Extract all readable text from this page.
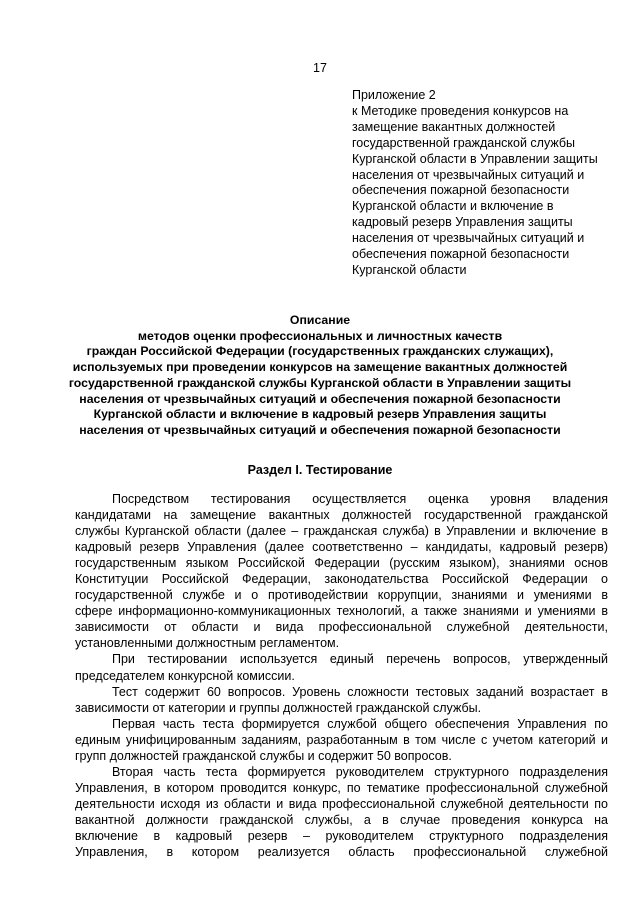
17
Приложение 2
к Методике проведения конкурсов на
замещение вакантных должностей
государственной гражданской службы
Курганской области в Управлении защиты
населения от чрезвычайных ситуаций и
обеспечения пожарной безопасности
Курганской области и включение в
кадровый резерв Управления защиты
населения от чрезвычайных ситуаций и
обеспечения пожарной безопасности
Курганской области
Описание
методов оценки профессиональных и личностных качеств
граждан Российской Федерации (государственных гражданских служащих),
используемых при проведении конкурсов на замещение вакантных должностей
государственной гражданской службы Курганской области в Управлении защиты
населения от чрезвычайных ситуаций и обеспечения пожарной безопасности
Курганской области и включение в кадровый резерв Управления защиты
населения от чрезвычайных ситуаций и обеспечения пожарной безопасности
Раздел I. Тестирование
Посредством тестирования осуществляется оценка уровня владения
кандидатами на замещение вакантных должностей государственной гражданской
службы Курганской области (далее – гражданская служба) в Управлении и включение в
кадровый резерв Управления (далее соответственно – кандидаты, кадровый резерв)
государственным языком Российской Федерации (русским языком), знаниями основ
Конституции Российской Федерации, законодательства Российской Федерации о
государственной службе и о противодействии коррупции, знаниями и умениями в
сфере информационно-коммуникационных технологий, а также знаниями и умениями в
зависимости от области и вида профессиональной служебной деятельности,
установленными должностным регламентом.
При тестировании используется единый перечень вопросов, утвержденный
председателем конкурсной комиссии.
Тест содержит 60 вопросов. Уровень сложности тестовых заданий возрастает в
зависимости от категории и группы должностей гражданской службы.
Первая часть теста формируется службой общего обеспечения Управления по
единым унифицированным заданиям, разработанным в том числе с учетом категорий и
групп должностей гражданской службы и содержит 50 вопросов.
Вторая часть теста формируется руководителем структурного подразделения
Управления, в котором проводится конкурс, по тематике профессиональной служебной
деятельности исходя из области и вида профессиональной служебной деятельности по
вакантной должности гражданской службы, а в случае проведения конкурса на
включение в кадровый резерв – руководителем структурного подразделения
Управления, в котором реализуется область профессиональной служебной
